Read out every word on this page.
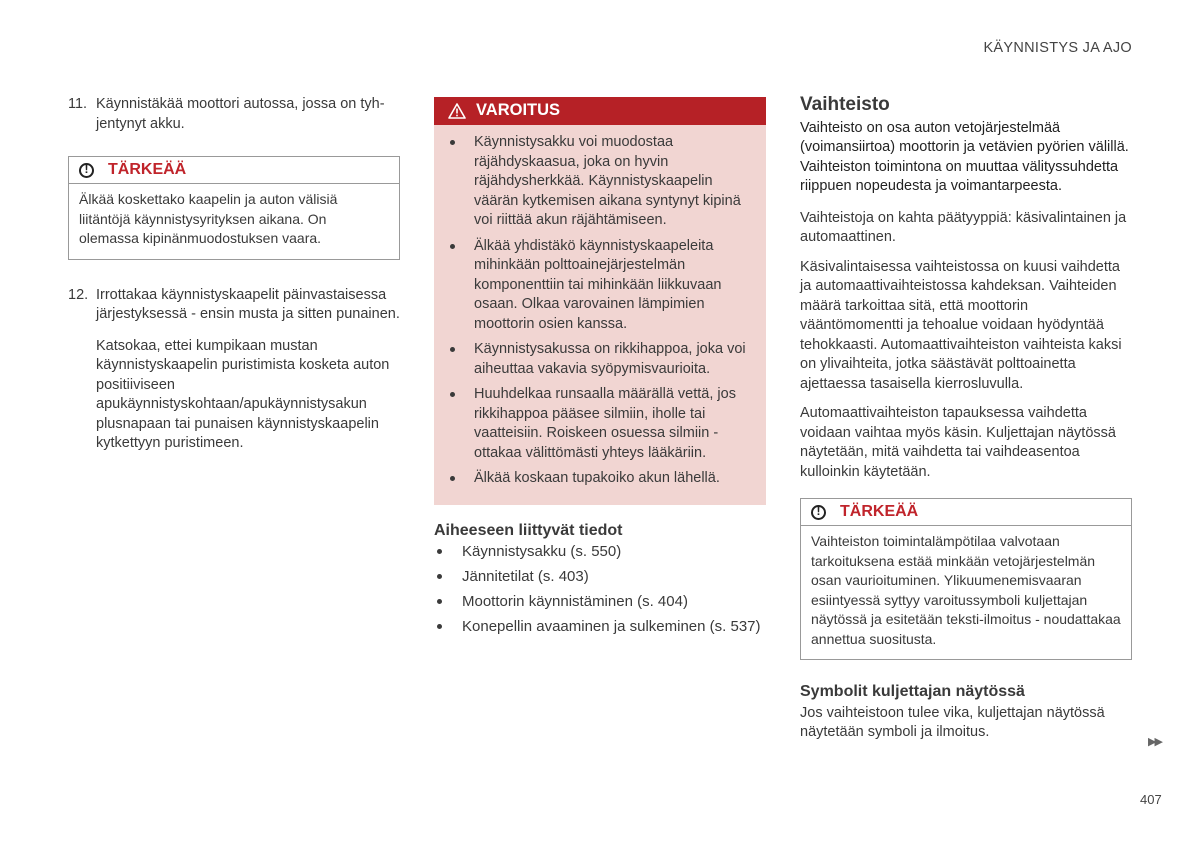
KÄYNNISTYS JA AJO
11. Käynnistäkää moottori autossa, jossa on tyh- jentynyt akku.

!	TÄRKEÄÄ
Älkää koskettako kaapelin ja auton välisiä liitäntöjä käynnistysyrityksen aikana. On olemassa kipinänmuodostuksen vaara.
12. Irrottakaa käynnistyskaapelit päinvastaisessa järjestyksessä - ensin musta ja sitten punainen.

Katsokaa, ettei kumpikaan mustan käynnistyskaapelin puristimista kosketa auton positiiviseen apukäynnistyskohtaan/apukäynnistysakun plusnapaan tai punaisen käynnistyskaapelin kytkettyyn puristimeen.

VAROITUS
Käynnistysakku voi muodostaa räjähdyskaasua, joka on hyvin räjähdysherkkää. Käynnistyskaapelin väärän kytkemisen aikana syntynyt kipinä voi riittää akun räjähtämiseen.
Älkää yhdistäkö käynnistyskaapeleita mihinkään polttoainejärjestelmän komponenttiin tai mihinkään liikkuvaan osaan. Olkaa varovainen lämpimien moottorin osien kanssa.
Käynnistysakussa on rikkihappoa, joka voi aiheuttaa vakavia syöpymisvaurioita.
Huuhdelkaa runsaalla määrällä vettä, jos rikkihappoa pääsee silmiin, iholle tai vaatteisiin. Roiskeen osuessa silmiin - ottakaa välittömästi yhteys lääkäriin.
Älkää koskaan tupakoiko akun lähellä.
Aiheeseen liittyvät tiedot
Käynnistysakku (s. 550)
Jännitetilat (s. 403)
Moottorin käynnistäminen (s. 404)
Konepellin avaaminen ja sulkeminen (s. 537)
Vaihteisto

Vaihteisto on osa auton vetojärjestelmää (voimansiirtoa) moottorin ja vetävien pyörien välillä. Vaihteiston toimintona on muuttaa välityssuhdetta riippuen nopeudesta ja voimantarpeesta.

Vaihteistoja on kahta päätyyppiä: käsivalintainen ja automaattinen.

Käsivalintaisessa vaihteistossa on kuusi vaihdetta ja automaattivaihteistossa kahdeksan. Vaihteiden määrä tarkoittaa sitä, että moottorin vääntömomentti ja tehoalue voidaan hyödyntää tehokkaasti. Automaattivaihteiston vaihteista kaksi on ylivaihteita, jotka säästävät polttoainetta ajettaessa tasaisella kierrosluvulla.

Automaattivaihteiston tapauksessa vaihdetta voidaan vaihtaa myös käsin. Kuljettajan näytössä näytetään, mitä vaihdetta tai vaihdeasentoa kulloinkin käytetään.

!	TÄRKEÄÄ
Vaihteiston toimintalämpötilaa valvotaan tarkoituksena estää minkään vetojärjestelmän osan vaurioituminen. Ylikuumenemisvaaran esiintyessä syttyy varoitussymboli kuljettajan näytössä ja esitetään teksti-ilmoitus - noudattakaa annettua suositusta.
Symbolit kuljettajan näytössä

Jos vaihteistoon tulee vika, kuljettajan näytössä näytetään symboli ja ilmoitus.

▶▶
407
